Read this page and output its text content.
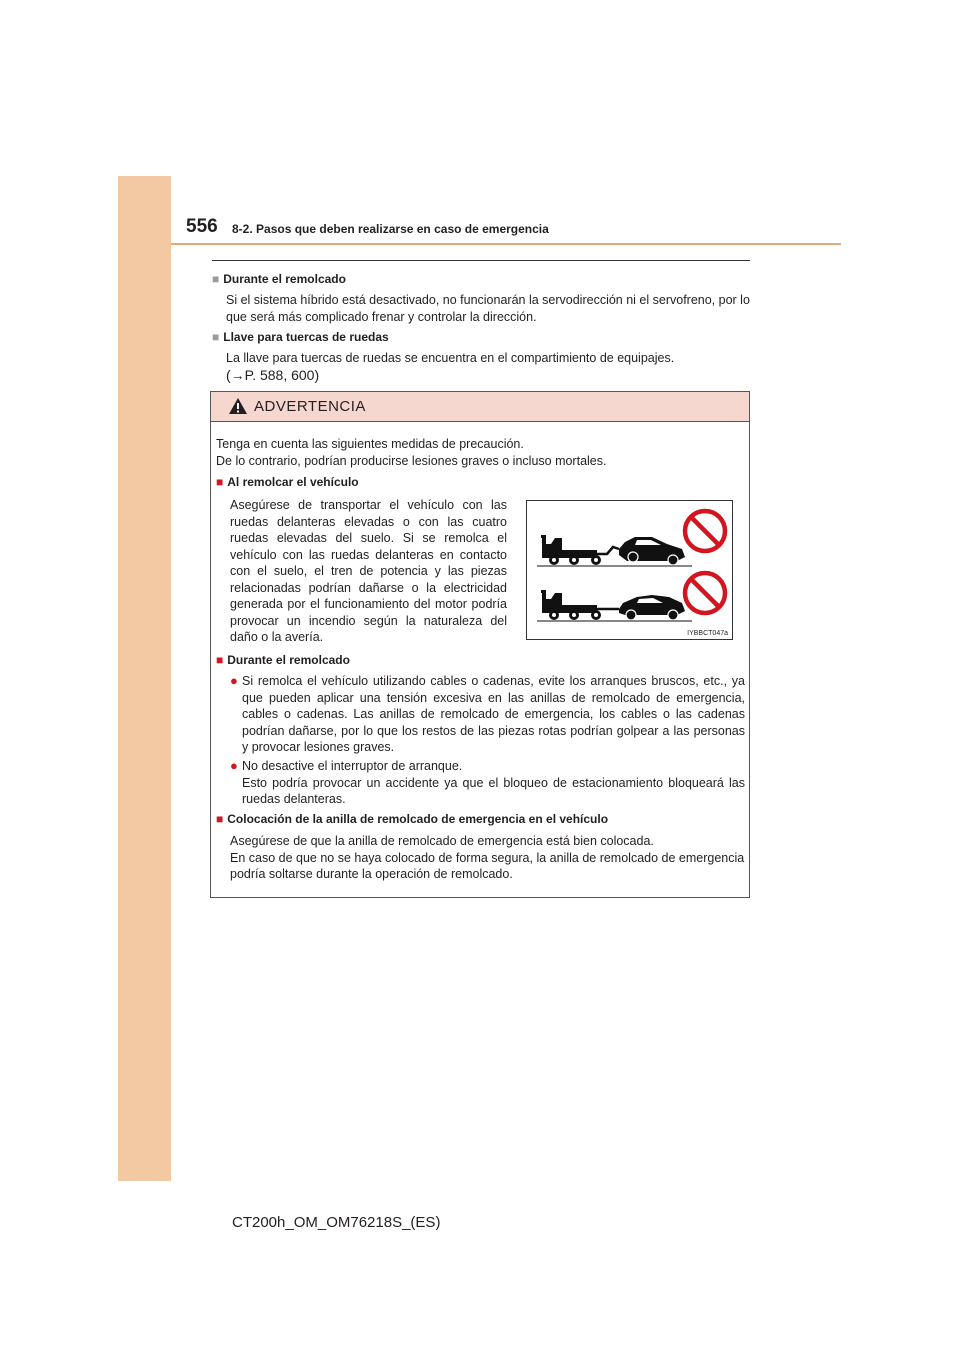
556 8-2. Pasos que deben realizarse en caso de emergencia
■ Durante el remolcado
Si el sistema híbrido está desactivado, no funcionarán la servodirección ni el servofreno, por lo que será más complicado frenar y controlar la dirección.
■ Llave para tuercas de ruedas
La llave para tuercas de ruedas se encuentra en el compartimiento de equipajes.
(→P. 588, 600)
ADVERTENCIA
Tenga en cuenta las siguientes medidas de precaución.
De lo contrario, podrían producirse lesiones graves o incluso mortales.
■ Al remolcar el vehículo
Asegúrese de transportar el vehículo con las ruedas delanteras elevadas o con las cuatro ruedas elevadas del suelo. Si se remolca el vehículo con las ruedas delanteras en contacto con el suelo, el tren de potencia y las piezas relacionadas podrían dañarse o la electricidad generada por el funcionamiento del motor podría provocar un incendio según la naturaleza del daño o la avería.	IYBBCT047a
■ Durante el remolcado
● Si remolca el vehículo utilizando cables o cadenas, evite los arranques bruscos, etc., ya que pueden aplicar una tensión excesiva en las anillas de remolcado de emergencia, cables o cadenas. Las anillas de remolcado de emergencia, los cables o las cadenas podrían dañarse, por lo que los restos de las piezas rotas podrían golpear a las personas y provocar lesiones graves.
● No desactive el interruptor de arranque.
Esto podría provocar un accidente ya que el bloqueo de estacionamiento bloqueará las ruedas delanteras.
■ Colocación de la anilla de remolcado de emergencia en el vehículo
Asegúrese de que la anilla de remolcado de emergencia está bien colocada.
En caso de que no se haya colocado de forma segura, la anilla de remolcado de emergencia podría soltarse durante la operación de remolcado.
CT200h_OM_OM76218S_(ES)
